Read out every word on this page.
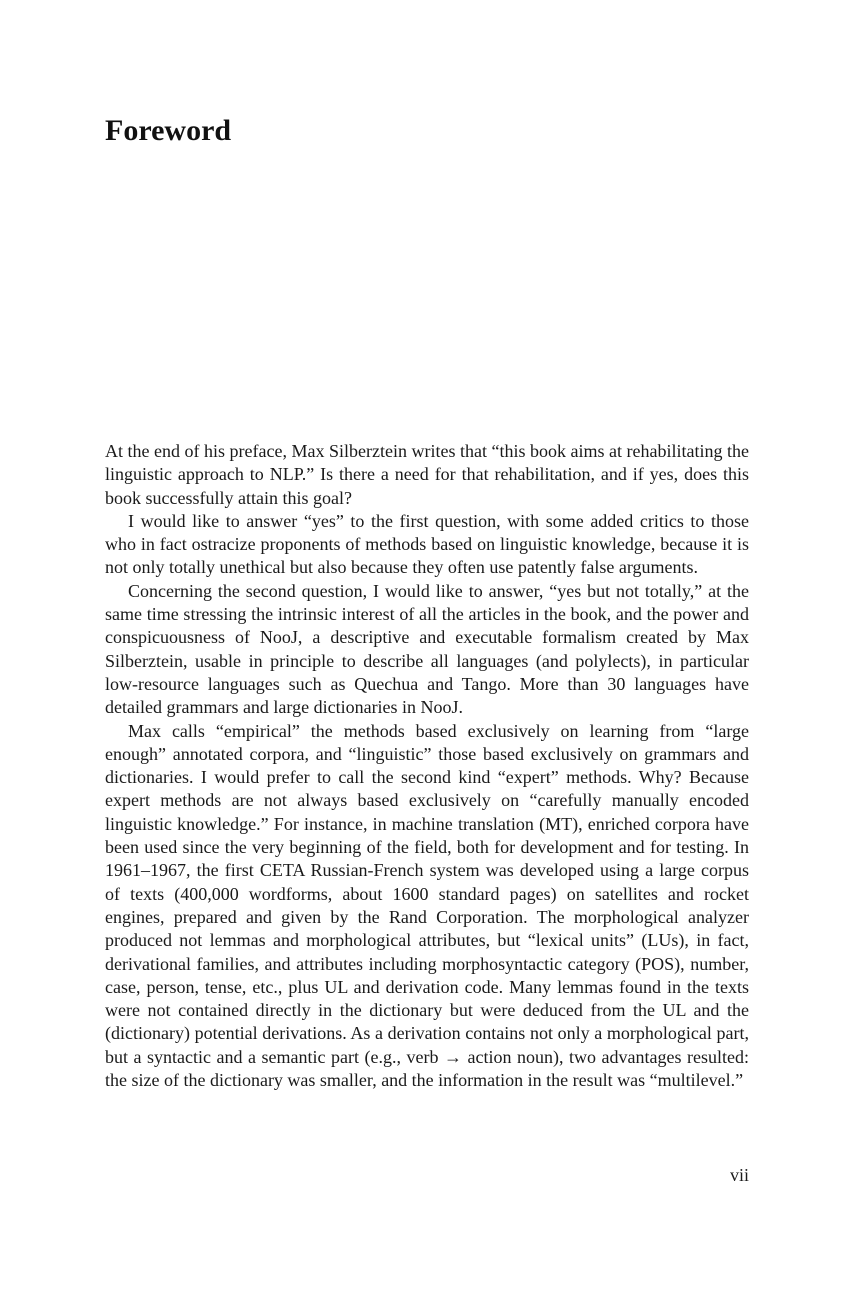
Foreword

At the end of his preface, Max Silberztein writes that “this book aims at rehabilitating the linguistic approach to NLP.” Is there a need for that rehabilitation, and if yes, does this book successfully attain this goal?

I would like to answer “yes” to the first question, with some added critics to those who in fact ostracize proponents of methods based on linguistic knowledge, because it is not only totally unethical but also because they often use patently false arguments.

Concerning the second question, I would like to answer, “yes but not totally,” at the same time stressing the intrinsic interest of all the articles in the book, and the power and conspicuousness of NooJ, a descriptive and executable formalism created by Max Silberztein, usable in principle to describe all languages (and polylects), in particular low-resource languages such as Quechua and Tango. More than 30 languages have detailed grammars and large dictionaries in NooJ.

Max calls “empirical” the methods based exclusively on learning from “large enough” annotated corpora, and “linguistic” those based exclusively on grammars and dictionaries. I would prefer to call the second kind “expert” methods. Why? Because expert methods are not always based exclusively on “carefully manually encoded linguistic knowledge.” For instance, in machine translation (MT), enriched corpora have been used since the very beginning of the field, both for development and for testing. In 1961–1967, the first CETA Russian-French system was developed using a large corpus of texts (400,000 wordforms, about 1600 standard pages) on satellites and rocket engines, prepared and given by the Rand Corporation. The morphological analyzer produced not lemmas and morphological attributes, but “lexical units” (LUs), in fact, derivational families, and attributes including morphosyntactic category (POS), number, case, person, tense, etc., plus UL and derivation code. Many lemmas found in the texts were not contained directly in the dictionary but were deduced from the UL and the (dictionary) potential derivations. As a derivation contains not only a morphological part, but a syntactic and a semantic part (e.g., verb → action noun), two advantages resulted: the size of the dictionary was smaller, and the information in the result was “multilevel.”

vii
